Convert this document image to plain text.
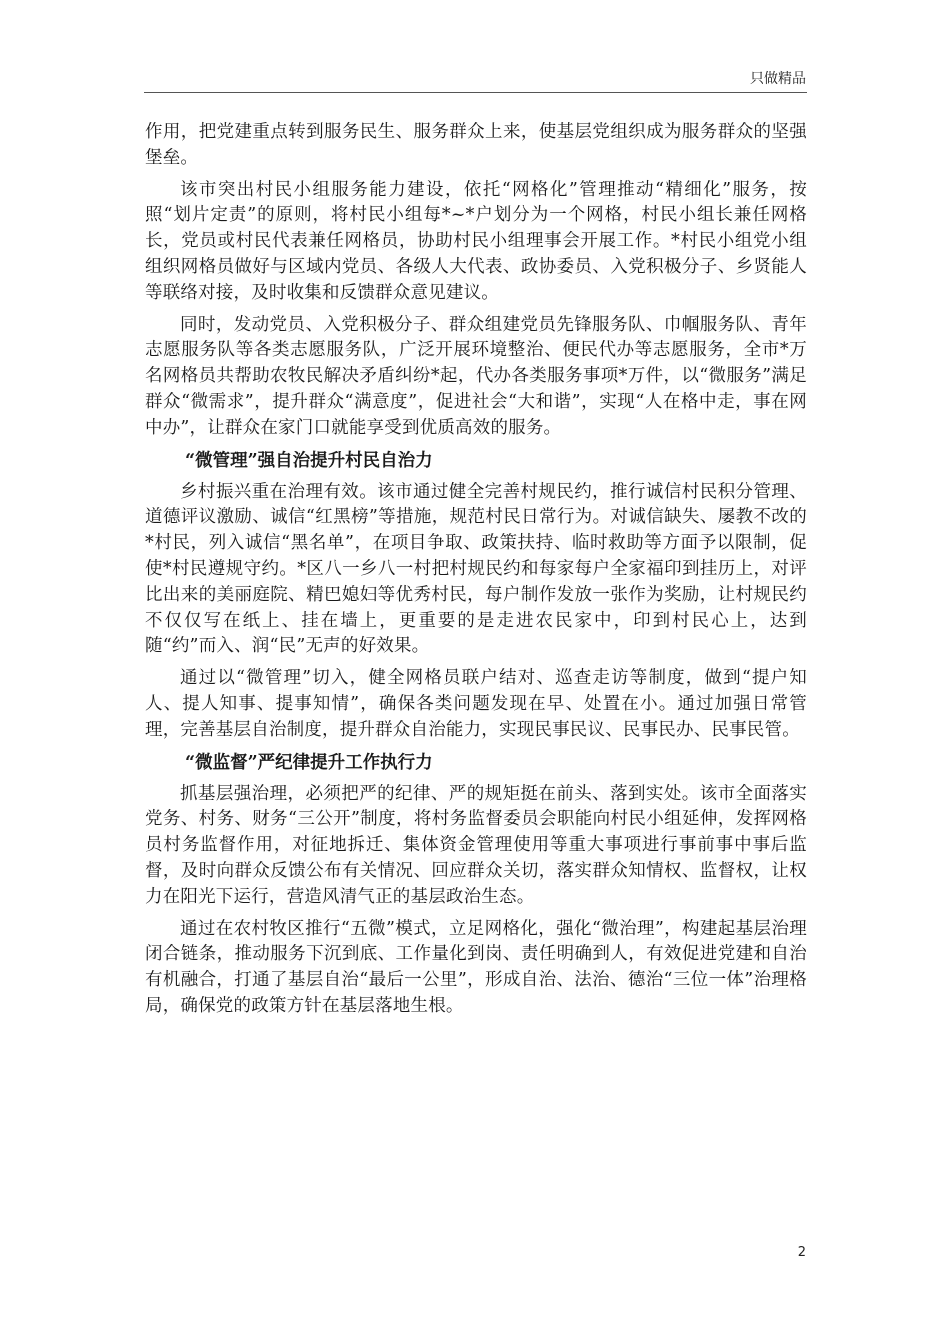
只做精品

作用，把党建重点转到服务民生、服务群众上来，使基层党组织成为服务群众的坚强堡垒。

该市突出村民小组服务能力建设，依托“网格化”管理推动“精细化”服务，按照“划片定责”的原则，将村民小组每*~*户划分为一个网格，村民小组长兼任网格长，党员或村民代表兼任网格员，协助村民小组理事会开展工作。*村民小组党小组组织网格员做好与区域内党员、各级人大代表、政协委员、入党积极分子、乡贤能人等联络对接，及时收集和反馈群众意见建议。

同时，发动党员、入党积极分子、群众组建党员先锋服务队、巾帼服务队、青年志愿服务队等各类志愿服务队，广泛开展环境整治、便民代办等志愿服务，全市*万名网格员共帮助农牧民解决矛盾纠纷*起，代办各类服务事项*万件，以“微服务”满足群众“微需求”，提升群众“满意度”，促进社会“大和谐”，实现“人在格中走，事在网中办”，让群众在家门口就能享受到优质高效的服务。

“微管理”强自治提升村民自治力

乡村振兴重在治理有效。该市通过健全完善村规民约，推行诚信村民积分管理、道德评议激励、诚信“红黑榜”等措施，规范村民日常行为。对诚信缺失、屡教不改的*村民，列入诚信“黑名单”，在项目争取、政策扶持、临时救助等方面予以限制，促使*村民遵规守约。*区八一乡八一村把村规民约和每家每户全家福印到挂历上，对评比出来的美丽庭院、精巴媳妇等优秀村民，每户制作发放一张作为奖励，让村规民约不仅仅写在纸上、挂在墙上，更重要的是走进农民家中，印到村民心上，达到随“约”而入、润“民”无声的好效果。

通过以“微管理”切入，健全网格员联户结对、巡查走访等制度，做到“提户知人、提人知事、提事知情”，确保各类问题发现在早、处置在小。通过加强日常管理，完善基层自治制度，提升群众自治能力，实现民事民议、民事民办、民事民管。

“微监督”严纪律提升工作执行力

抓基层强治理，必须把严的纪律、严的规矩挺在前头、落到实处。该市全面落实党务、村务、财务“三公开”制度，将村务监督委员会职能向村民小组延伸，发挥网格员村务监督作用，对征地拆迁、集体资金管理使用等重大事项进行事前事中事后监督，及时向群众反馈公布有关情况、回应群众关切，落实群众知情权、监督权，让权力在阳光下运行，营造风清气正的基层政治生态。

通过在农村牧区推行“五微”模式，立足网格化，强化“微治理”，构建起基层治理闭合链条，推动服务下沉到底、工作量化到岗、责任明确到人，有效促进党建和自治有机融合，打通了基层自治“最后一公里”，形成自治、法治、德治“三位一体”治理格局，确保党的政策方针在基层落地生根。

2
